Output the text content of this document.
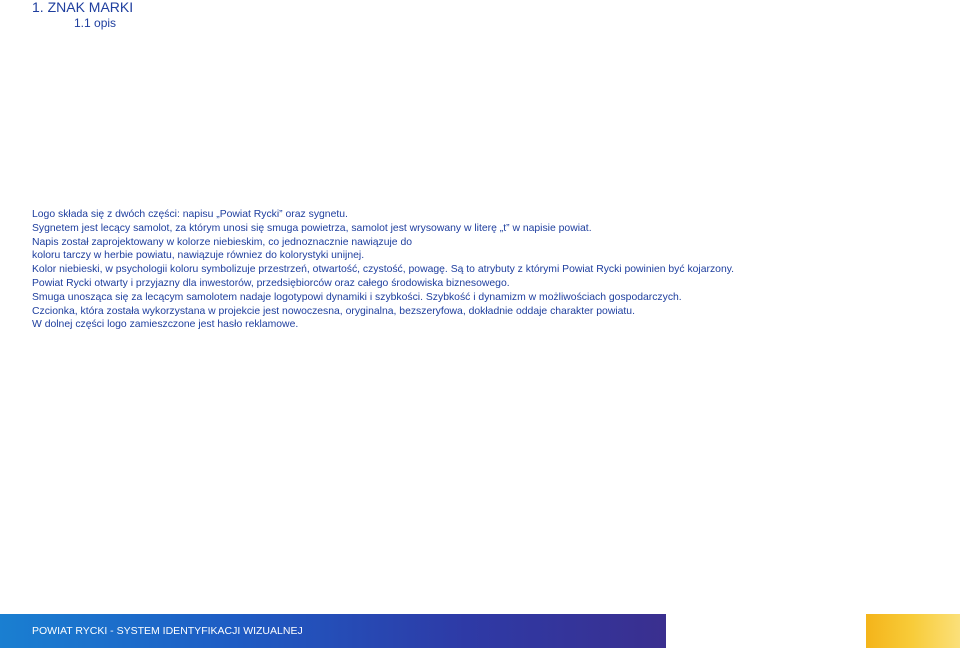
1. ZNAK MARKI
1.1 opis
Logo składa się z dwóch części: napisu „Powiat Rycki” oraz sygnetu.
Sygnetem jest lecący samolot, za którym unosi się smuga powietrza, samolot jest wrysowany w literę „t” w napisie powiat.
Napis został zaprojektowany w kolorze niebieskim, co jednoznacznie nawiązuje do
koloru tarczy w herbie powiatu, nawiązuje równiez do kolorystyki unijnej.
Kolor niebieski, w psychologii koloru symbolizuje przestrzeń, otwartość, czystość, powagę. Są to atrybuty z którymi Powiat Rycki powinien być kojarzony.
Powiat Rycki otwarty i przyjazny dla inwestorów, przedsiębiorców oraz całego środowiska biznesowego.
Smuga unosząca się za lecącym samolotem nadaje logotypowi dynamiki i szybkości. Szybkość i dynamizm w możliwościach gospodarczych.
Czcionka, która została wykorzystana w projekcie jest nowoczesna, oryginalna, bezszeryfowa, dokładnie oddaje charakter powiatu.
W dolnej części logo zamieszczone jest hasło reklamowe.
POWIAT RYCKI - SYSTEM IDENTYFIKACJI WIZUALNEJ
